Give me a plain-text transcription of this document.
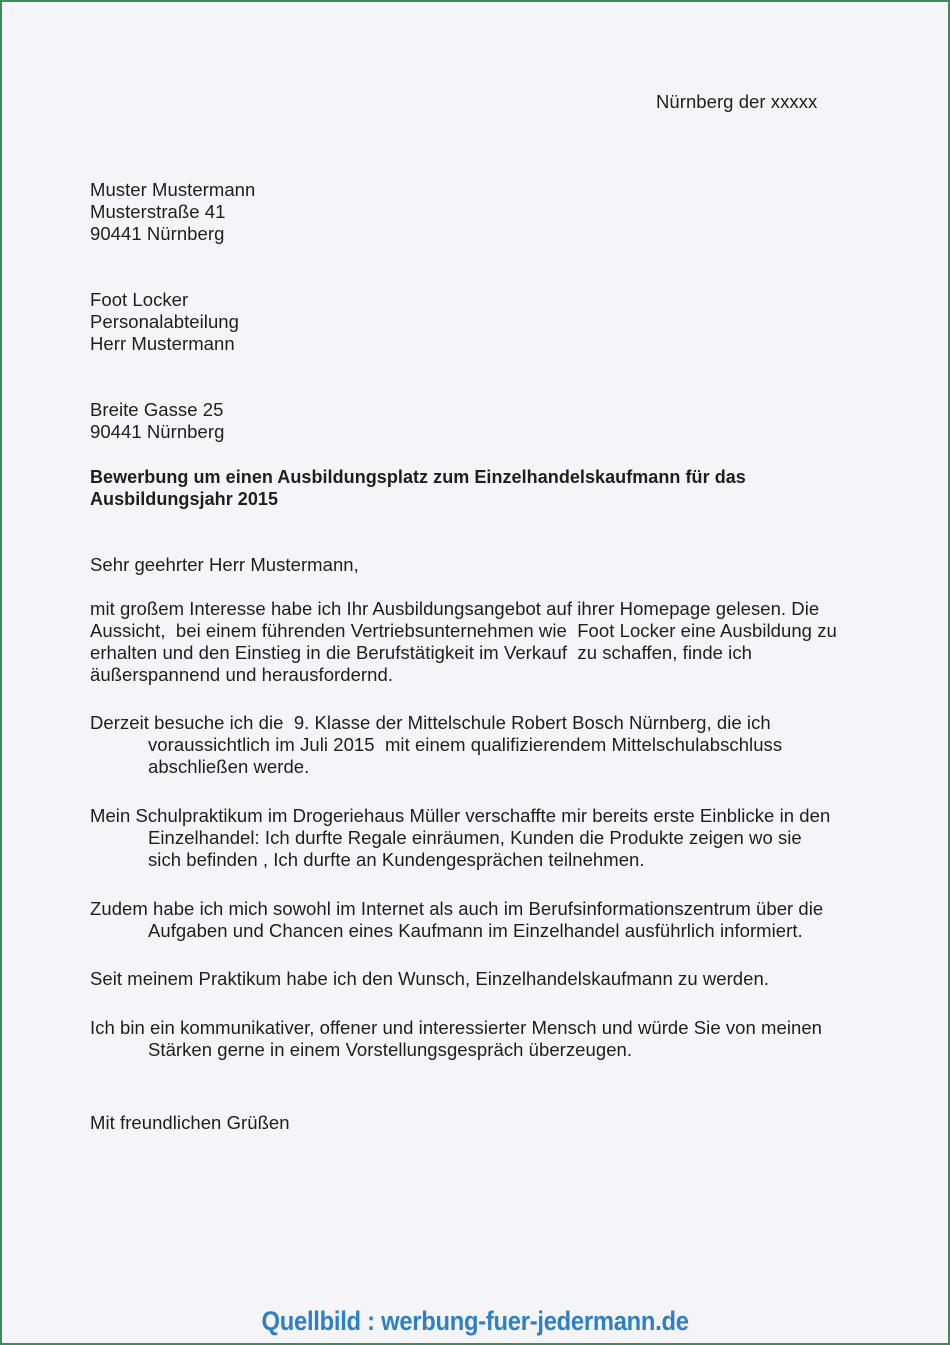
Nürnberg der xxxxx
Muster Mustermann
Musterstraße 41
90441 Nürnberg
Foot Locker
Personalabteilung
Herr Mustermann
Breite Gasse 25
90441 Nürnberg
Bewerbung um einen Ausbildungsplatz zum Einzelhandelskaufmann für das
Ausbildungsjahr 2015
Sehr geehrter Herr Mustermann,
mit großem Interesse habe ich Ihr Ausbildungsangebot auf ihrer Homepage gelesen. Die
Aussicht,  bei einem führenden Vertriebsunternehmen wie  Foot Locker eine Ausbildung zu
erhalten und den Einstieg in die Berufstätigkeit im Verkauf  zu schaffen, finde ich
äußerspannend und herausfordernd.
Derzeit besuche ich die  9. Klasse der Mittelschule Robert Bosch Nürnberg, die ich
voraussichtlich im Juli 2015  mit einem qualifizierendem Mittelschulabschluss
abschließen werde.
Mein Schulpraktikum im Drogeriehaus Müller verschaffte mir bereits erste Einblicke in den
Einzelhandel: Ich durfte Regale einräumen, Kunden die Produkte zeigen wo sie
sich befinden , Ich durfte an Kundengesprächen teilnehmen.
Zudem habe ich mich sowohl im Internet als auch im Berufsinformationszentrum über die
Aufgaben und Chancen eines Kaufmann im Einzelhandel ausführlich informiert.
Seit meinem Praktikum habe ich den Wunsch, Einzelhandelskaufmann zu werden.
Ich bin ein kommunikativer, offener und interessierter Mensch und würde Sie von meinen
Stärken gerne in einem Vorstellungsgespräch überzeugen.
Mit freundlichen Grüßen
Quellbild : werbung-fuer-jedermann.de
